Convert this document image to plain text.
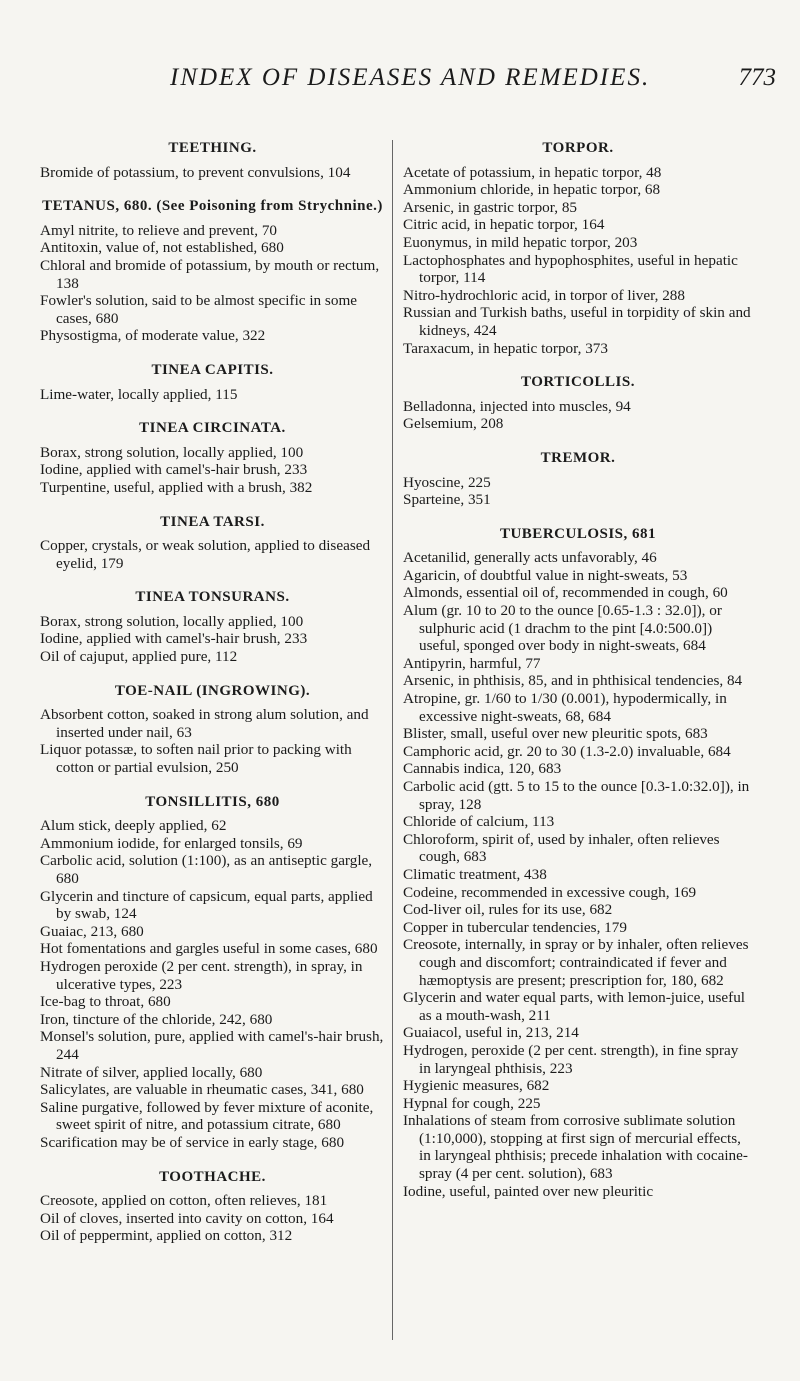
INDEX OF DISEASES AND REMEDIES.	773
TEETHING.

Bromide of potassium, to prevent convulsions, 104

TETANUS, 680. (See Poisoning from Strychnine.)

Amyl nitrite, to relieve and prevent, 70

Antitoxin, value of, not established, 680

Chloral and bromide of potassium, by mouth or rectum, 138

Fowler's solution, said to be almost specific in some cases, 680

Physostigma, of moderate value, 322

TINEA CAPITIS.

Lime-water, locally applied, 115

TINEA CIRCINATA.

Borax, strong solution, locally applied, 100

Iodine, applied with camel's-hair brush, 233

Turpentine, useful, applied with a brush, 382

TINEA TARSI.

Copper, crystals, or weak solution, applied to diseased eyelid, 179

TINEA TONSURANS.

Borax, strong solution, locally applied, 100

Iodine, applied with camel's-hair brush, 233

Oil of cajuput, applied pure, 112

TOE-NAIL (INGROWING).

Absorbent cotton, soaked in strong alum solution, and inserted under nail, 63

Liquor potassæ, to soften nail prior to packing with cotton or partial evulsion, 250

TONSILLITIS, 680

Alum stick, deeply applied, 62

Ammonium iodide, for enlarged tonsils, 69

Carbolic acid, solution (1:100), as an antiseptic gargle, 680

Glycerin and tincture of capsicum, equal parts, applied by swab, 124

Guaiac, 213, 680

Hot fomentations and gargles useful in some cases, 680

Hydrogen peroxide (2 per cent. strength), in spray, in ulcerative types, 223

Ice-bag to throat, 680

Iron, tincture of the chloride, 242, 680

Monsel's solution, pure, applied with camel's-hair brush, 244

Nitrate of silver, applied locally, 680

Salicylates, are valuable in rheumatic cases, 341, 680

Saline purgative, followed by fever mixture of aconite, sweet spirit of nitre, and potassium citrate, 680

Scarification may be of service in early stage, 680

TOOTHACHE.

Creosote, applied on cotton, often relieves, 181

Oil of cloves, inserted into cavity on cotton, 164

Oil of peppermint, applied on cotton, 312

TORPOR.

Acetate of potassium, in hepatic torpor, 48

Ammonium chloride, in hepatic torpor, 68

Arsenic, in gastric torpor, 85

Citric acid, in hepatic torpor, 164

Euonymus, in mild hepatic torpor, 203

Lactophosphates and hypophosphites, useful in hepatic torpor, 114

Nitro-hydrochloric acid, in torpor of liver, 288

Russian and Turkish baths, useful in torpidity of skin and kidneys, 424

Taraxacum, in hepatic torpor, 373

TORTICOLLIS.

Belladonna, injected into muscles, 94

Gelsemium, 208

TREMOR.

Hyoscine, 225

Sparteine, 351

TUBERCULOSIS, 681

Acetanilid, generally acts unfavorably, 46

Agaricin, of doubtful value in night-sweats, 53

Almonds, essential oil of, recommended in cough, 60

Alum (gr. 10 to 20 to the ounce [0.65-1.3 : 32.0]), or sulphuric acid (1 drachm to the pint [4.0:500.0]) useful, sponged over body in night-sweats, 684

Antipyrin, harmful, 77

Arsenic, in phthisis, 85, and in phthisical tendencies, 84

Atropine, gr. 1/60 to 1/30 (0.001), hypodermically, in excessive night-sweats, 68, 684

Blister, small, useful over new pleuritic spots, 683

Camphoric acid, gr. 20 to 30 (1.3-2.0) invaluable, 684

Cannabis indica, 120, 683

Carbolic acid (gtt. 5 to 15 to the ounce [0.3-1.0:32.0]), in spray, 128

Chloride of calcium, 113

Chloroform, spirit of, used by inhaler, often relieves cough, 683

Climatic treatment, 438

Codeine, recommended in excessive cough, 169

Cod-liver oil, rules for its use, 682

Copper in tubercular tendencies, 179

Creosote, internally, in spray or by inhaler, often relieves cough and discomfort; contraindicated if fever and hæmoptysis are present; prescription for, 180, 682

Glycerin and water equal parts, with lemon-juice, useful as a mouth-wash, 211

Guaiacol, useful in, 213, 214

Hydrogen, peroxide (2 per cent. strength), in fine spray in laryngeal phthisis, 223

Hygienic measures, 682

Hypnal for cough, 225

Inhalations of steam from corrosive sublimate solution (1:10,000), stopping at first sign of mercurial effects, in laryngeal phthisis; precede inhalation with cocaine-spray (4 per cent. solution), 683

Iodine, useful, painted over new pleuritic
